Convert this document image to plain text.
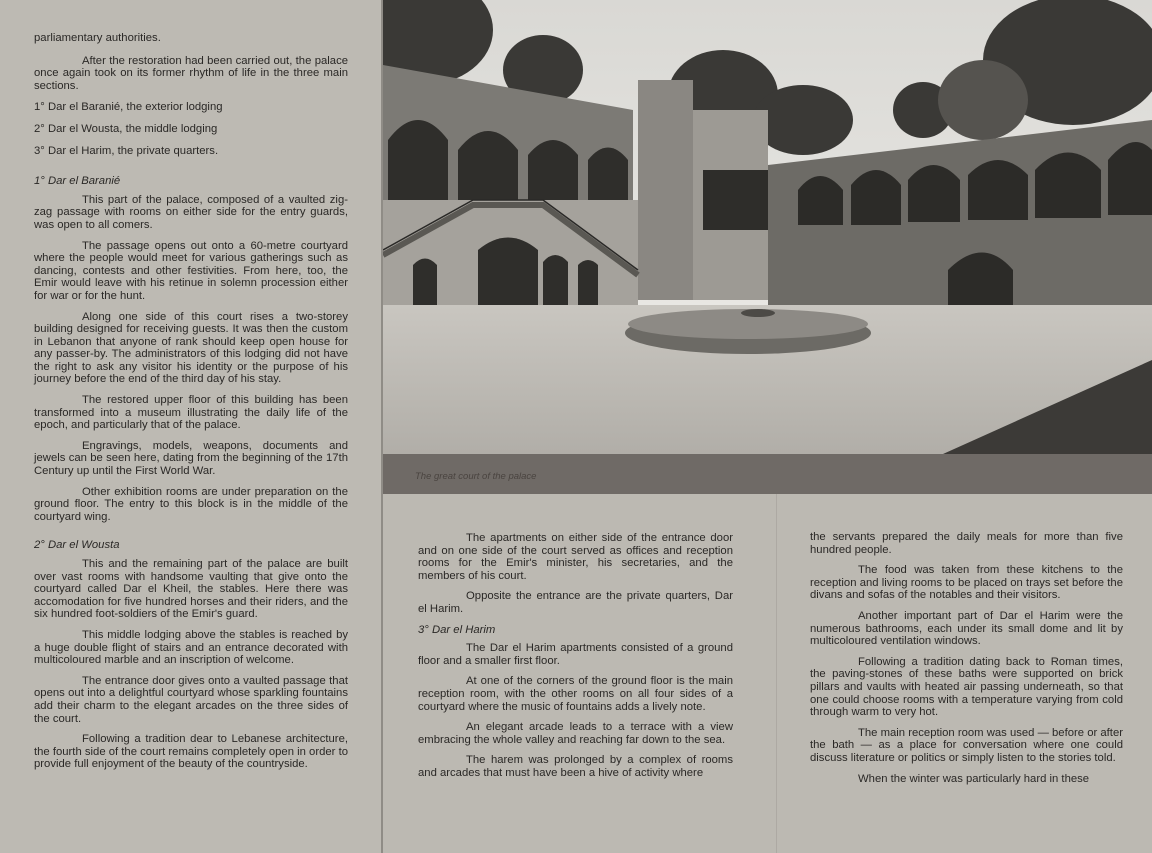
parliamentary authorities.

After the restoration had been carried out, the palace once again took on its former rhythm of life in the three main sections.

1° Dar el Baranié, the exterior lodging

2° Dar el Wousta, the middle lodging

3° Dar el Harim, the private quarters.

1° Dar el Baranié

This part of the palace, composed of a vaulted zig-zag passage with rooms on either side for the entry guards, was open to all comers.

The passage opens out onto a 60-metre courtyard where the people would meet for various gatherings such as dancing, contests and other festivities. From here, too, the Emir would leave with his retinue in solemn procession either for war or for the hunt.

Along one side of this court rises a two-storey building designed for receiving guests. It was then the custom in Lebanon that anyone of rank should keep open house for any passer-by. The administrators of this lodging did not have the right to ask any visitor his identity or the purpose of his journey before the end of the third day of his stay.

The restored upper floor of this building has been transformed into a museum illustrating the daily life of the epoch, and particularly that of the palace.

Engravings, models, weapons, documents and jewels can be seen here, dating from the beginning of the 17th Century up until the First World War.

Other exhibition rooms are under preparation on the ground floor. The entry to this block is in the middle of the courtyard wing.

2° Dar el Wousta

This and the remaining part of the palace are built over vast rooms with handsome vaulting that give onto the courtyard called Dar el Kheil, the stables. Here there was accomodation for five hundred horses and their riders, and the six hundred foot-soldiers of the Emir's guard.

This middle lodging above the stables is reached by a huge double flight of stairs and an entrance decorated with multicoloured marble and an inscription of welcome.

The entrance door gives onto a vaulted passage that opens out into a delightful courtyard whose sparkling fountains add their charm to the elegant arcades on the three sides of the court.

Following a tradition dear to Lebanese architecture, the fourth side of the court remains completely open in order to provide full enjoyment of the beauty of the countryside.

The great court of the palace

The apartments on either side of the entrance door and on one side of the court served as offices and reception rooms for the Emir's minister, his secretaries, and the members of his court.

Opposite the entrance are the private quarters, Dar el Harim.

3° Dar el Harim

The Dar el Harim apartments consisted of a ground floor and a smaller first floor.

At one of the corners of the ground floor is the main reception room, with the other rooms on all four sides of a courtyard where the music of fountains adds a lively note.

An elegant arcade leads to a terrace with a view embracing the whole valley and reaching far down to the sea.

The harem was prolonged by a complex of rooms and arcades that must have been a hive of activity where

the servants prepared the daily meals for more than five hundred people.

The food was taken from these kitchens to the reception and living rooms to be placed on trays set before the divans and sofas of the notables and their visitors.

Another important part of Dar el Harim were the numerous bathrooms, each under its small dome and lit by multicoloured ventilation windows.

Following a tradition dating back to Roman times, the paving-stones of these baths were supported on brick pillars and vaults with heated air passing underneath, so that one could choose rooms with a temperature varying from cold through warm to very hot.

The main reception room was used — before or after the bath — as a place for conversation where one could discuss literature or politics or simply listen to the stories told.

When the winter was particularly hard in these
